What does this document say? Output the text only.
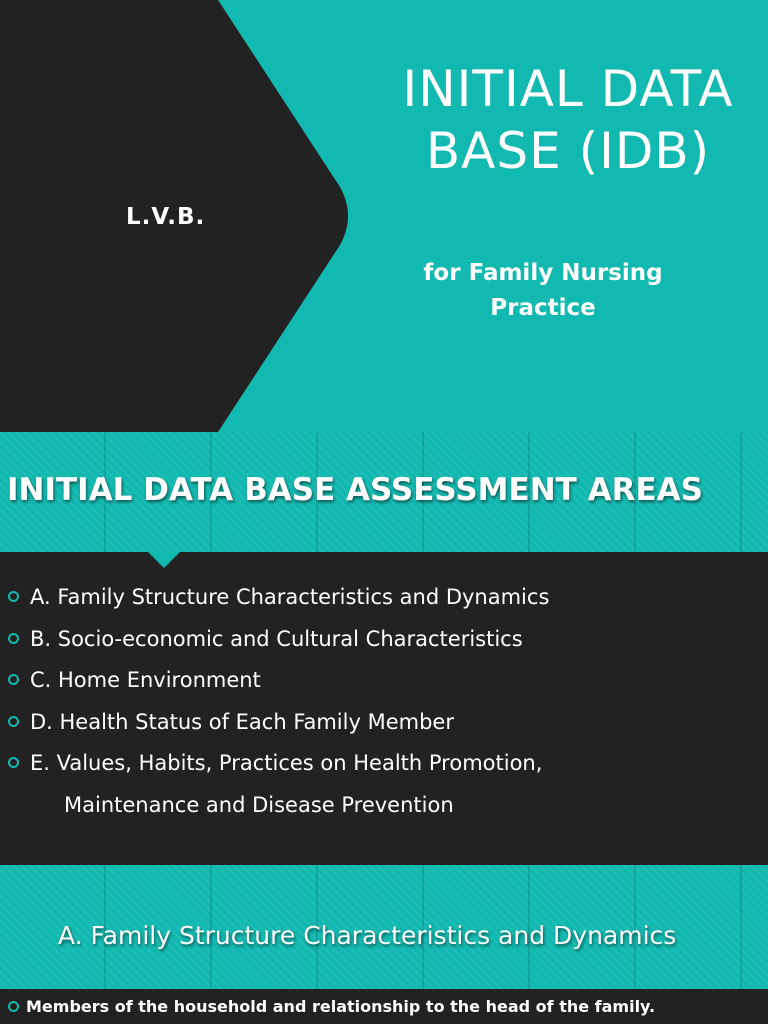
INITIAL DATA
BASE (IDB)
L.V.B.
for Family Nursing
Practice
INITIAL DATA BASE ASSESSMENT AREAS
A. Family Structure Characteristics and Dynamics
B. Socio-economic and Cultural Characteristics
C. Home Environment
D. Health Status of Each Family Member
E. Values, Habits, Practices on Health Promotion,
Maintenance and Disease Prevention
A. Family Structure Characteristics and Dynamics
Members of the household and relationship to the head of the family.
